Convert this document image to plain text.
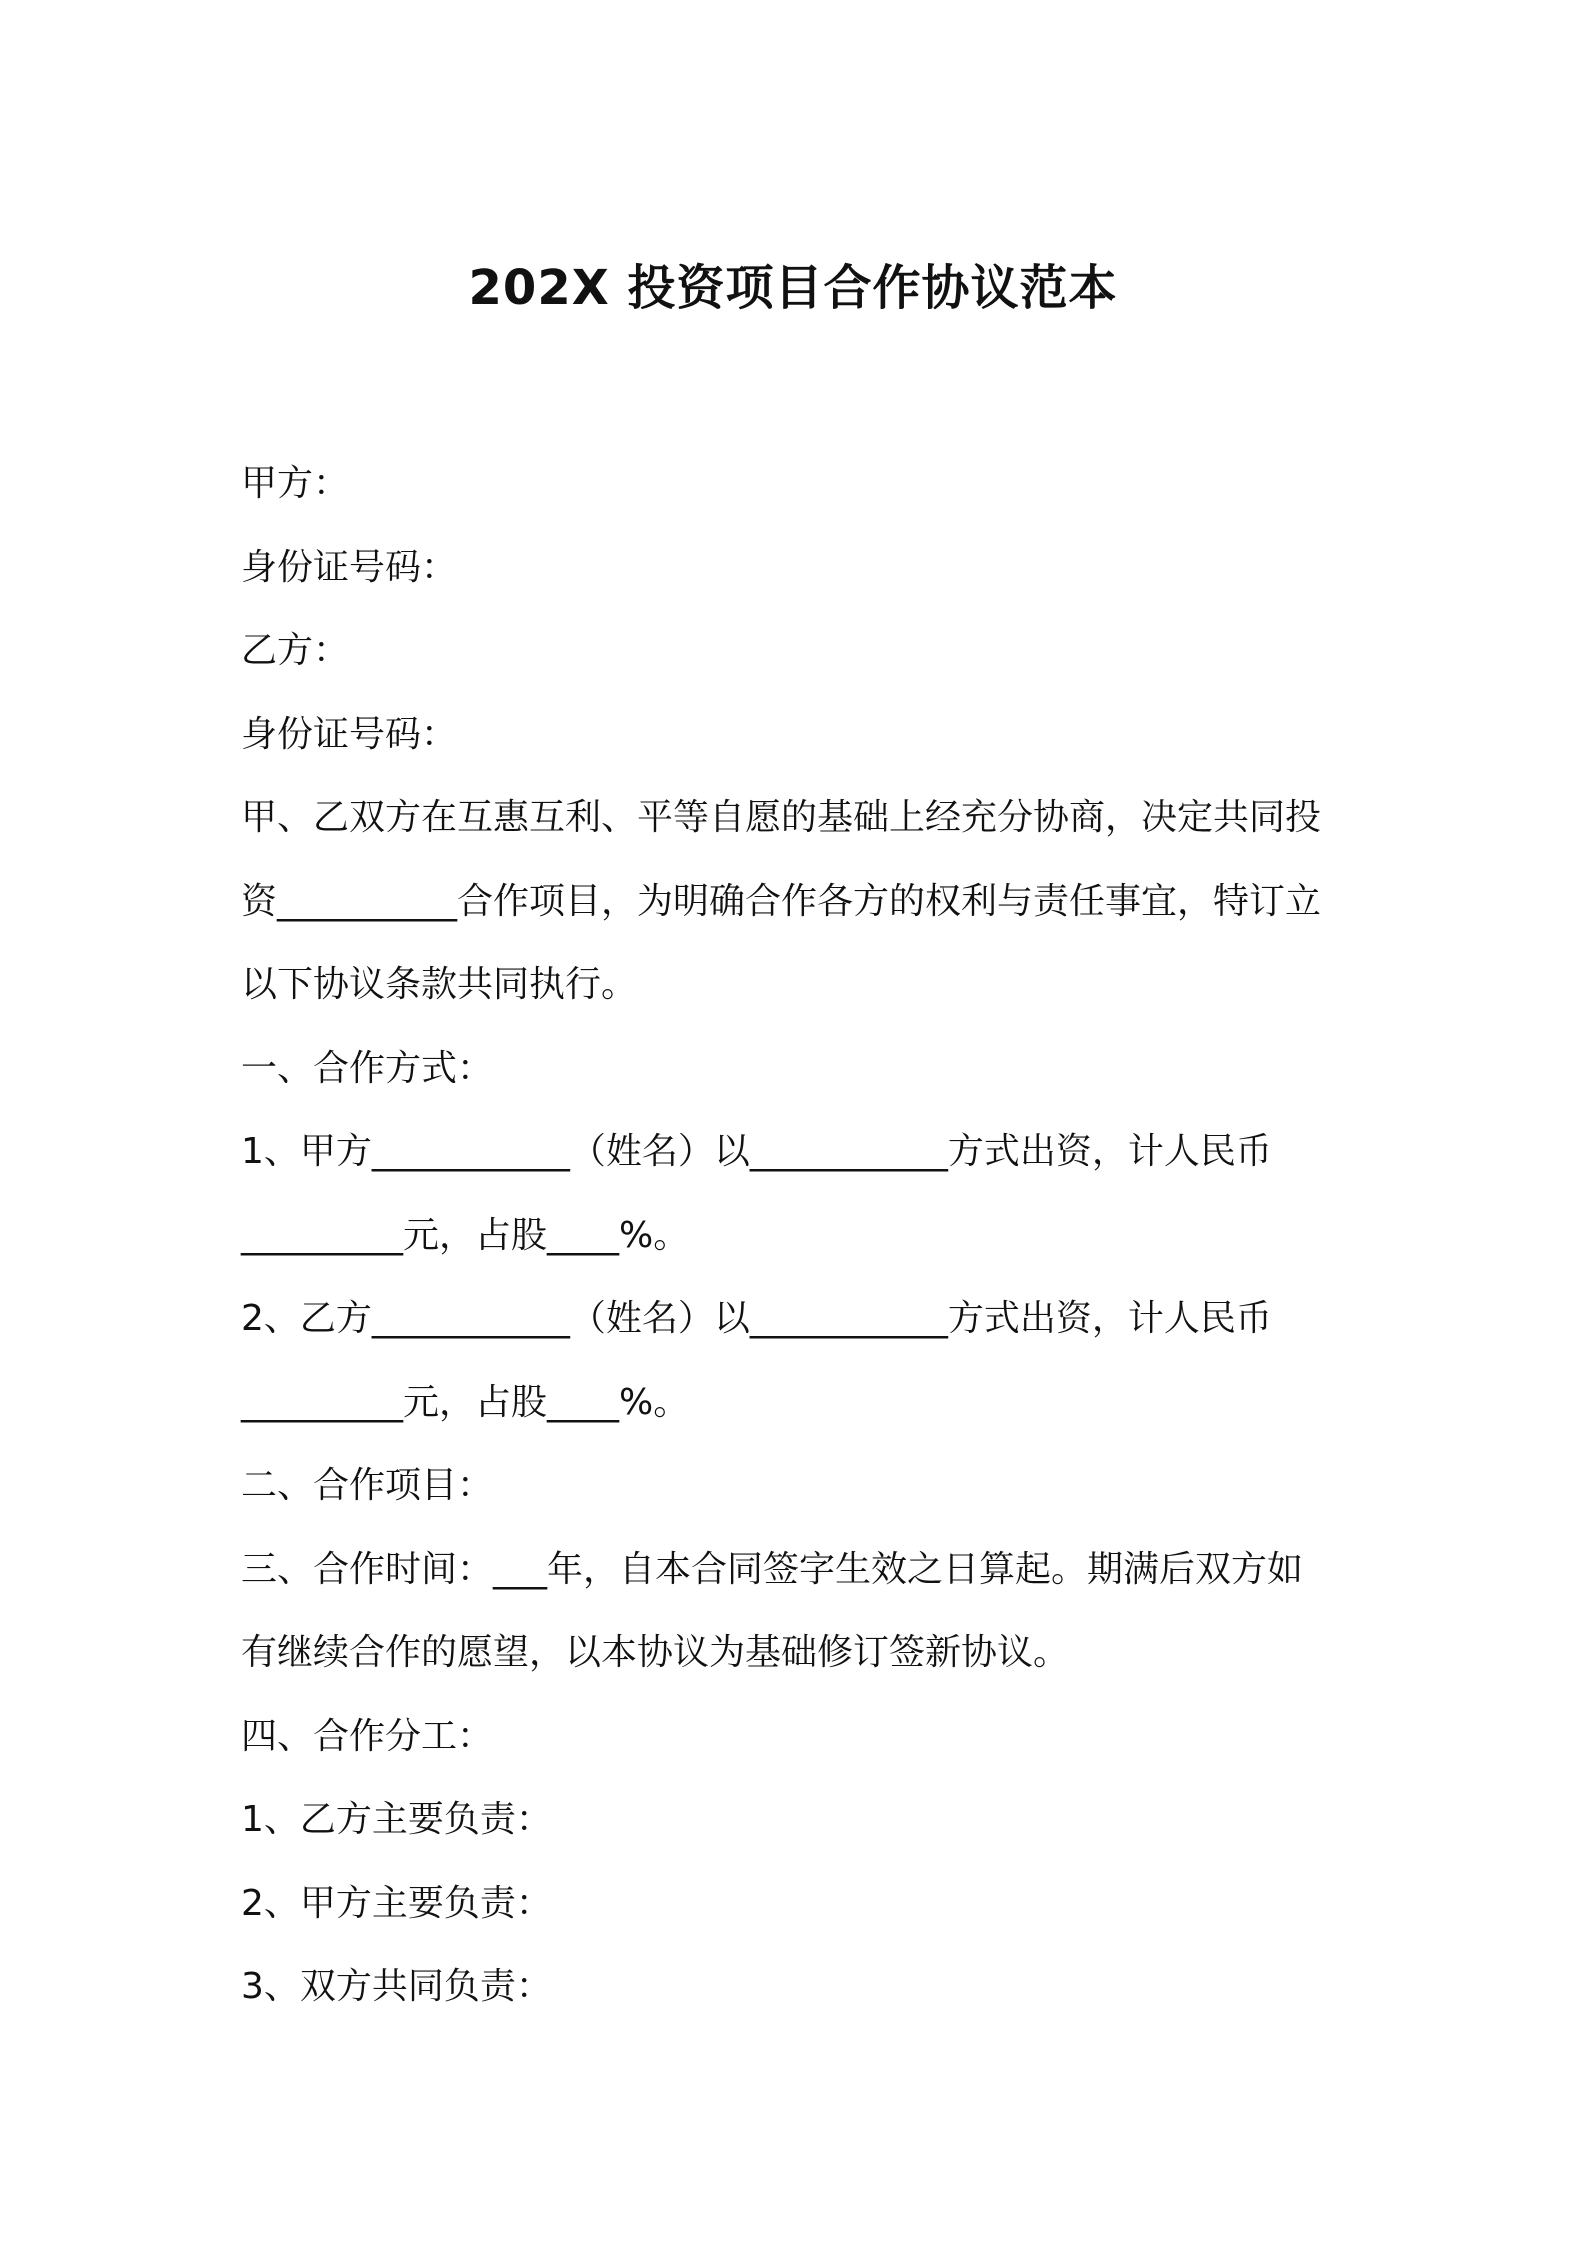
202X 投资项目合作协议范本

甲方：

身份证号码：

乙方：

身份证号码：

甲、乙双方在互惠互利、平等自愿的基础上经充分协商，决定共同投

资__________合作项目，为明确合作各方的权利与责任事宜，特订立

以下协议条款共同执行。

一、合作方式：

1、甲方___________（姓名）以___________方式出资，计人民币

_________元，占股____%。

2、乙方___________（姓名）以___________方式出资，计人民币

_________元，占股____%。

二、合作项目：

三、合作时间：___年，自本合同签字生效之日算起。期满后双方如

有继续合作的愿望，以本协议为基础修订签新协议。

四、合作分工：

1、乙方主要负责：

2、甲方主要负责：

3、双方共同负责：
